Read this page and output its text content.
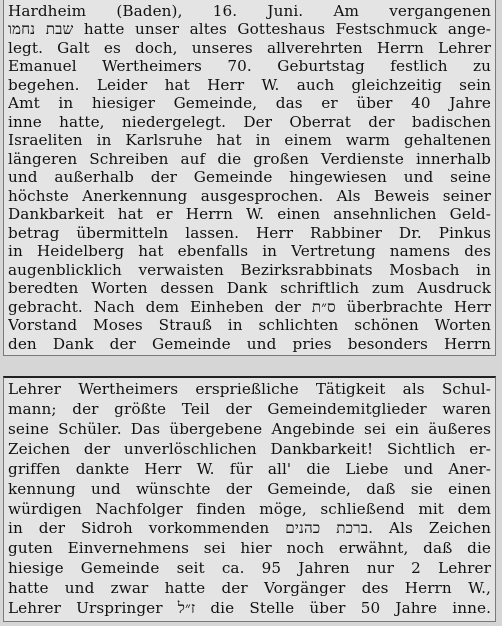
Hardheim (Baden), 16. Juni. Am vergangenen
שבת נחמו hatte unser altes Gotteshaus Festschmuck ange-
legt. Galt es doch, unseres allverehrten Herrn Lehrer
Emanuel Wertheimers 70. Geburtstag festlich zu
begehen. Leider hat Herr W. auch gleichzeitig sein
Amt in hiesiger Gemeinde, das er über 40 Jahre
inne hatte, niedergelegt. Der Oberrat der badischen
Israeliten in Karlsruhe hat in einem warm gehaltenen
längeren Schreiben auf die großen Verdienste innerhalb
und außerhalb der Gemeinde hingewiesen und seine
höchste Anerkennung ausgesprochen. Als Beweis seiner
Dankbarkeit hat er Herrn W. einen ansehnlichen Geld-
betrag übermitteln lassen. Herr Rabbiner Dr. Pinkus
in Heidelberg hat ebenfalls in Vertretung namens des
augenblicklich verwaisten Bezirksrabbinats Mosbach in
beredten Worten dessen Dank schriftlich zum Ausdruck
gebracht. Nach dem Einheben der ס״ת überbrachte Herr
Vorstand Moses Strauß in schlichten schönen Worten
den Dank der Gemeinde und pries besonders Herrn
Lehrer Wertheimers ersprießliche Tätigkeit als Schul-
mann; der größte Teil der Gemeindemitglieder waren
seine Schüler. Das übergebene Angebinde sei ein äußeres
Zeichen der unverlöschlichen Dankbarkeit! Sichtlich er-
griffen dankte Herr W. für all' die Liebe und Aner-
kennung und wünschte der Gemeinde, daß sie einen
würdigen Nachfolger finden möge, schließend mit dem
in der Sidroh vorkommenden ברכת כהנים. Als Zeichen
guten Einvernehmens sei hier noch erwähnt, daß die
hiesige Gemeinde seit ca. 95 Jahren nur 2 Lehrer
hatte und zwar hatte der Vorgänger des Herrn W.,
Lehrer Urspringer ז״ל die Stelle über 50 Jahre inne.
